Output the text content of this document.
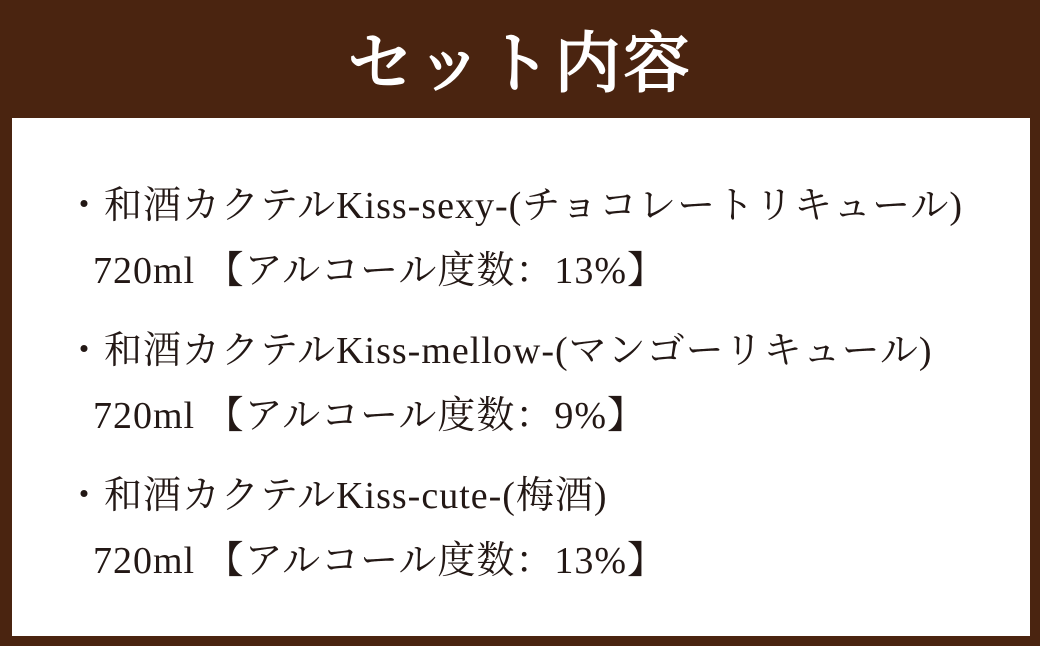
セット内容
・和酒カクテルKiss-sexy-(チョコレートリキュール)
720ml 【アルコール度数：13%】
・和酒カクテルKiss-mellow-(マンゴーリキュール)
720ml 【アルコール度数：9%】
・和酒カクテルKiss-cute-(梅酒)
720ml 【アルコール度数：13%】
